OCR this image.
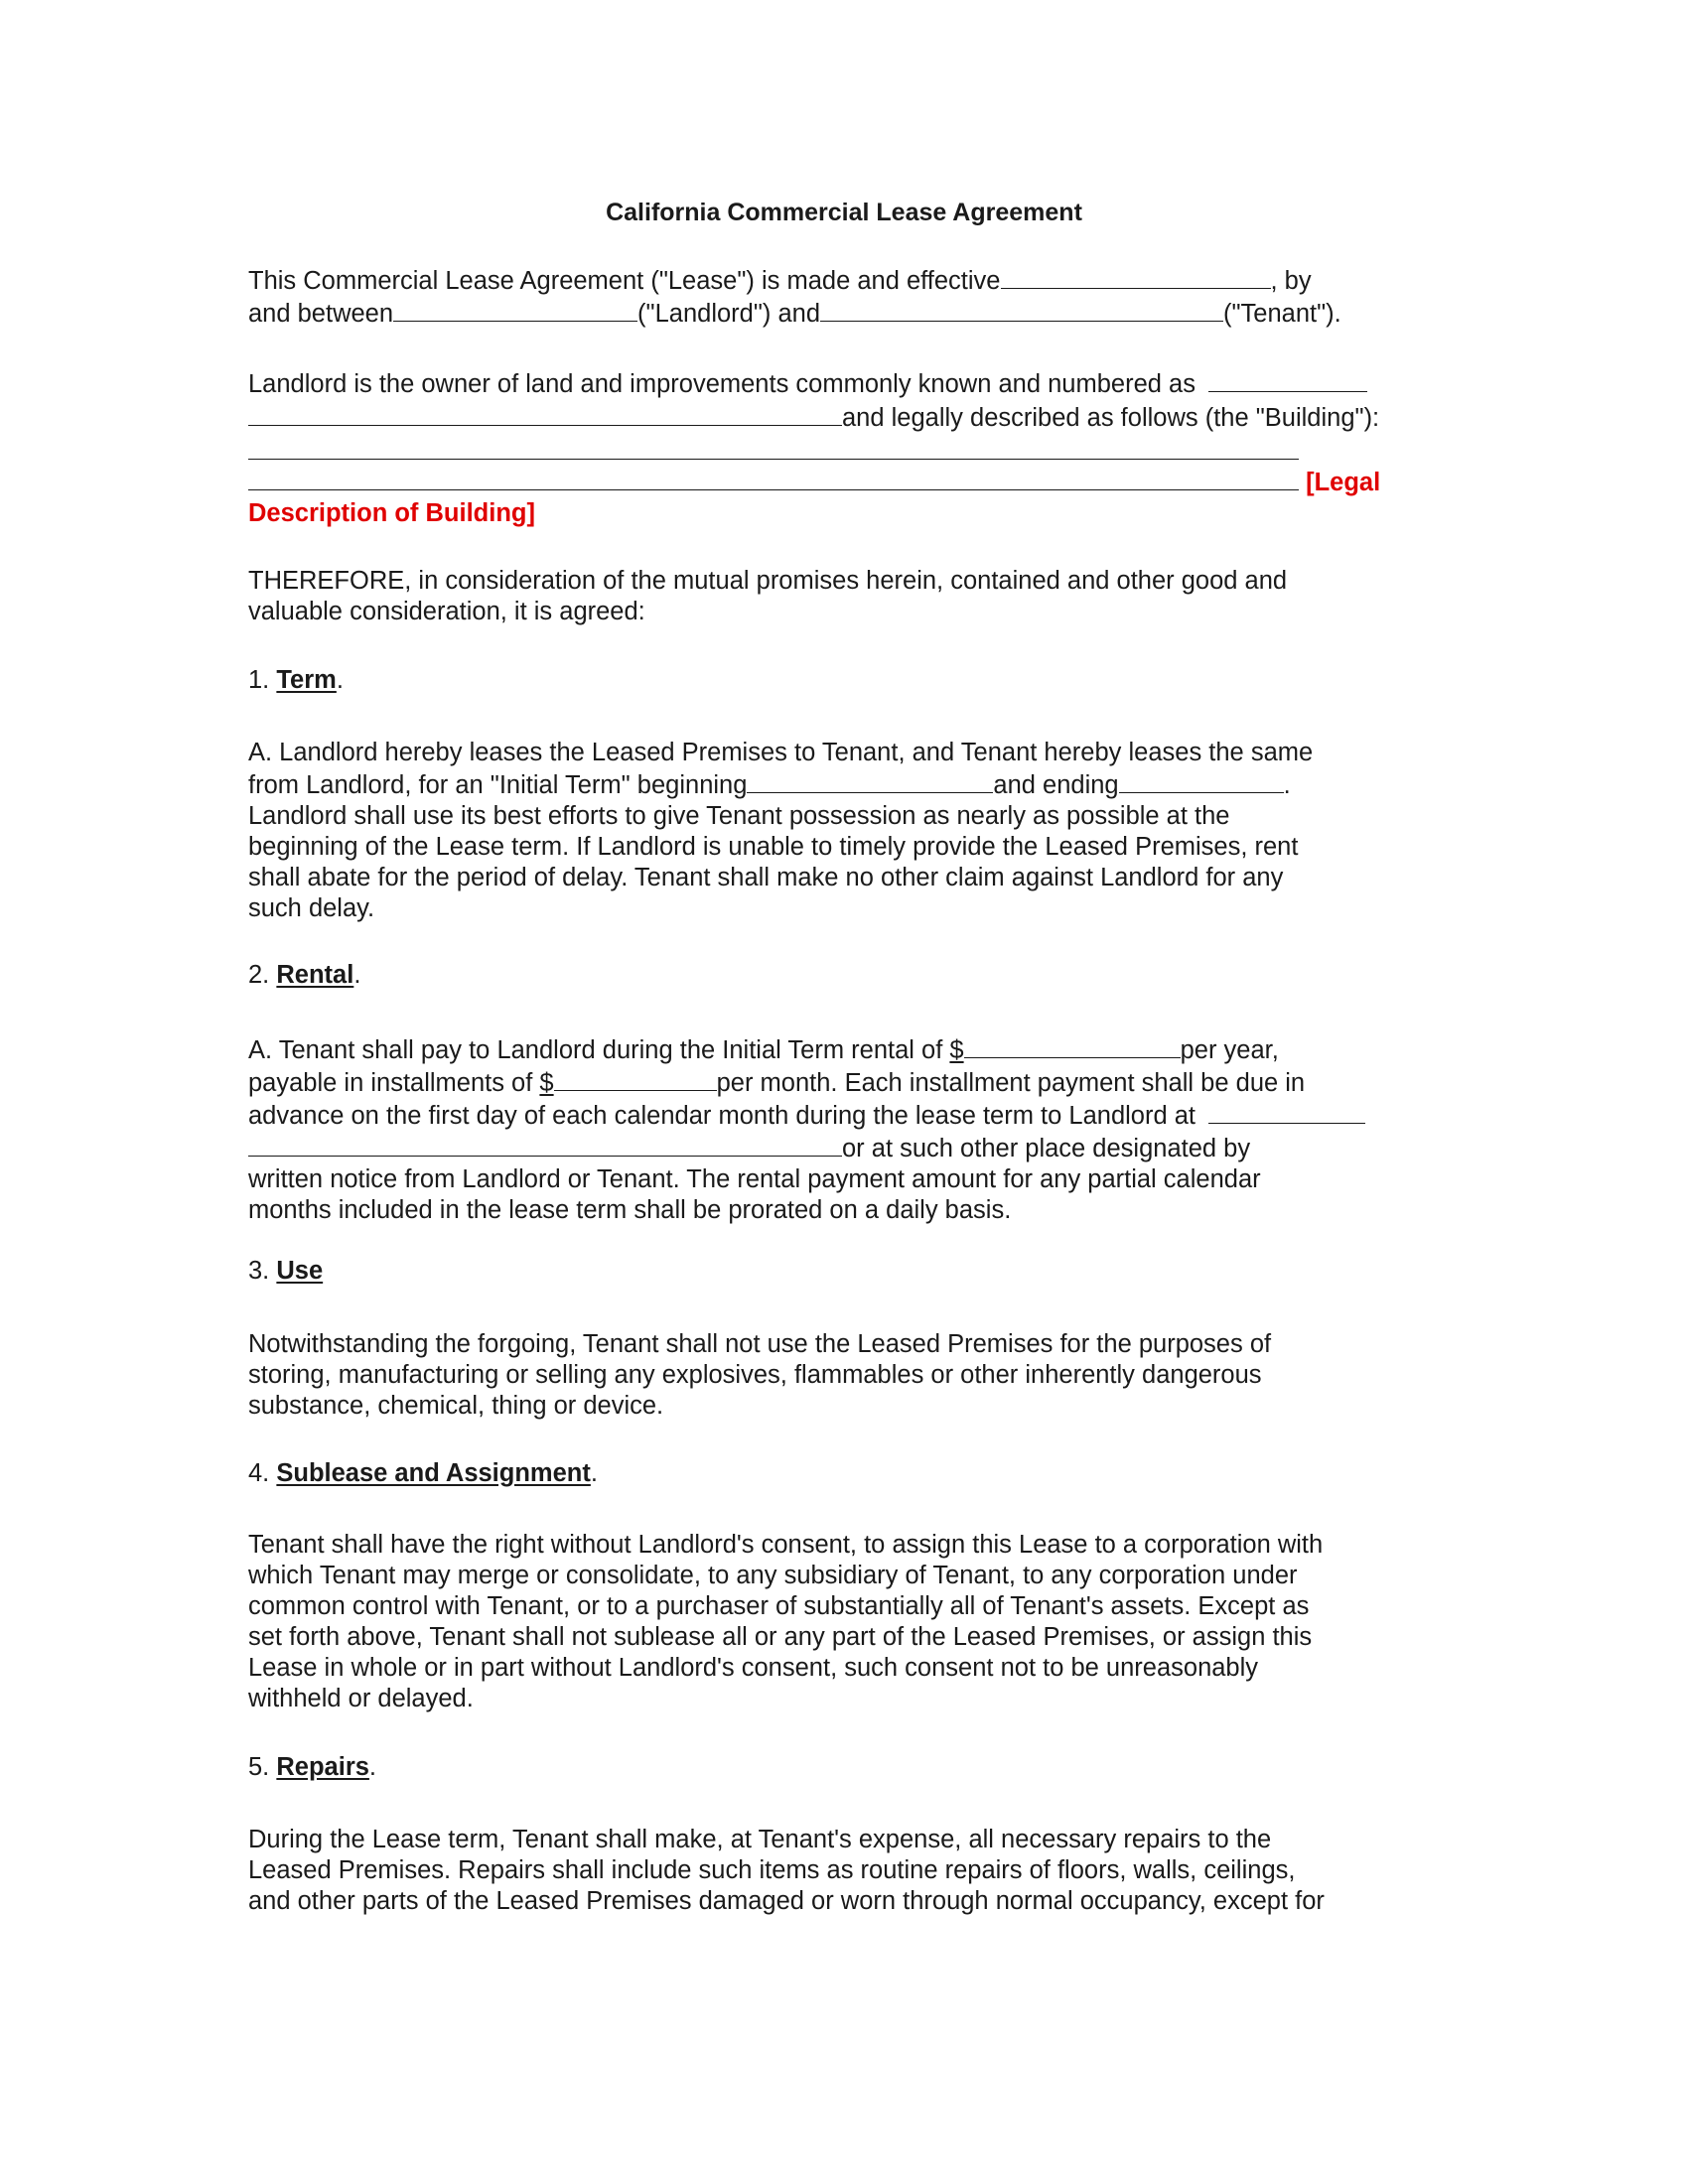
California Commercial Lease Agreement
This Commercial Lease Agreement ("Lease") is made and effective	, by
and between	("Landlord") and	("Tenant").
Landlord is the owner of land and improvements commonly known and numbered as
and legally described as follows (the "Building"):
[Legal
Description of Building]
THEREFORE, in consideration of the mutual promises herein, contained and other good and
valuable consideration, it is agreed:
1. Term.
A. Landlord hereby leases the Leased Premises to Tenant, and Tenant hereby leases the same
from Landlord, for an "Initial Term" beginning	and ending	.
Landlord shall use its best efforts to give Tenant possession as nearly as possible at the
beginning of the Lease term. If Landlord is unable to timely provide the Leased Premises, rent
shall abate for the period of delay. Tenant shall make no other claim against Landlord for any
such delay.
2. Rental.
A. Tenant shall pay to Landlord during the Initial Term rental of $	per year,
payable in installments of $	per month. Each installment payment shall be due in
advance on the first day of each calendar month during the lease term to Landlord at
or at such other place designated by
written notice from Landlord or Tenant. The rental payment amount for any partial calendar
months included in the lease term shall be prorated on a daily basis.
3. Use
Notwithstanding the forgoing, Tenant shall not use the Leased Premises for the purposes of
storing, manufacturing or selling any explosives, flammables or other inherently dangerous
substance, chemical, thing or device.
4. Sublease and Assignment.
Tenant shall have the right without Landlord's consent, to assign this Lease to a corporation with
which Tenant may merge or consolidate, to any subsidiary of Tenant, to any corporation under
common control with Tenant, or to a purchaser of substantially all of Tenant's assets. Except as
set forth above, Tenant shall not sublease all or any part of the Leased Premises, or assign this
Lease in whole or in part without Landlord's consent, such consent not to be unreasonably
withheld or delayed.
5. Repairs.
During the Lease term, Tenant shall make, at Tenant's expense, all necessary repairs to the
Leased Premises. Repairs shall include such items as routine repairs of floors, walls, ceilings,
and other parts of the Leased Premises damaged or worn through normal occupancy, except for
